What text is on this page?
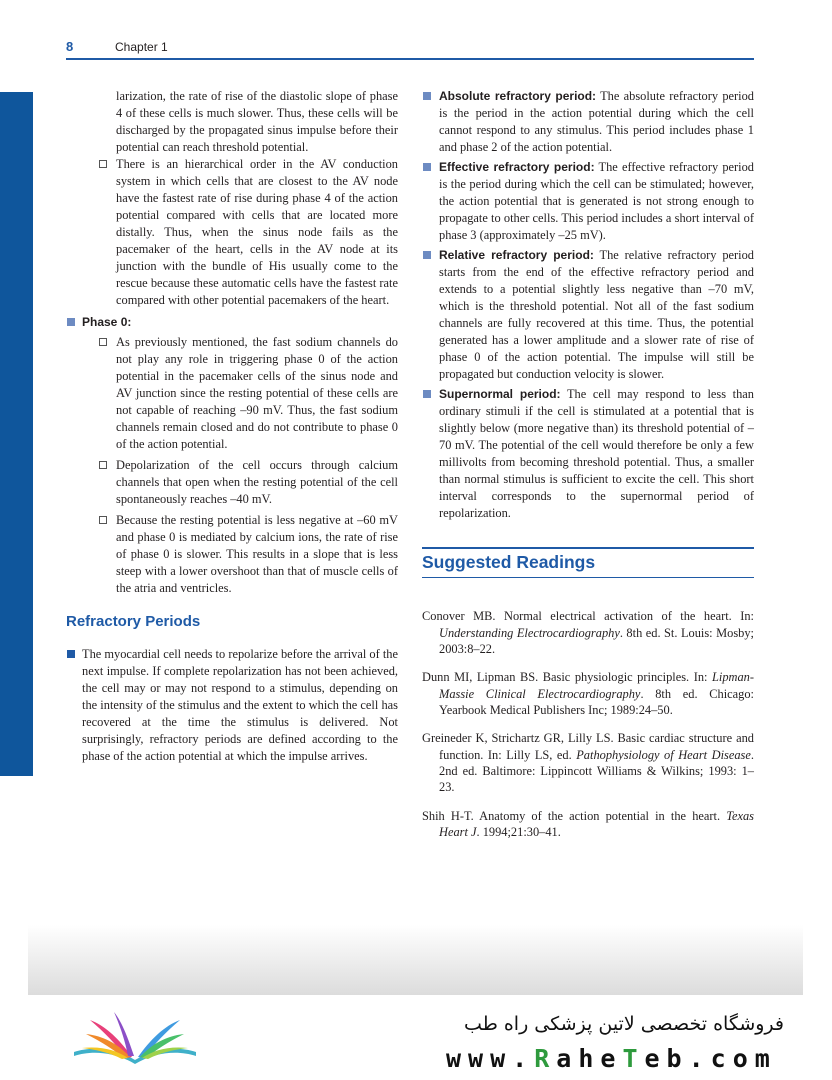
8	Chapter 1

larization, the rate of rise of the diastolic slope of phase 4 of these cells is much slower. Thus, these cells will be discharged by the propagated sinus impulse before their potential can reach threshold potential.

There is an hierarchical order in the AV conduction system in which cells that are closest to the AV node have the fastest rate of rise during phase 4 of the action potential compared with cells that are located more distally. Thus, when the sinus node fails as the pacemaker of the heart, cells in the AV node at its junction with the bundle of His usually come to the rescue because these automatic cells have the fastest rate compared with other potential pacemakers of the heart.

Phase 0:

As previously mentioned, the fast sodium channels do not play any role in triggering phase 0 of the action potential in the pacemaker cells of the sinus node and AV junction since the resting potential of these cells are not capable of reaching –90 mV. Thus, the fast sodium channels remain closed and do not contribute to phase 0 of the action potential.

Depolarization of the cell occurs through calcium channels that open when the resting potential of the cell spontaneously reaches –40 mV.

Because the resting potential is less negative at –60 mV and phase 0 is mediated by calcium ions, the rate of rise of phase 0 is slower. This results in a slope that is less steep with a lower overshoot than that of muscle cells of the atria and ventricles.

Refractory Periods

The myocardial cell needs to repolarize before the arrival of the next impulse. If complete repolarization has not been achieved, the cell may or may not respond to a stimulus, depending on the intensity of the stimulus and the extent to which the cell has recovered at the time the stimulus is delivered. Not surprisingly, refractory periods are defined according to the phase of the action potential at which the impulse arrives.

Absolute refractory period: The absolute refractory period is the period in the action potential during which the cell cannot respond to any stimulus. This period includes phase 1 and phase 2 of the action potential.

Effective refractory period: The effective refractory period is the period during which the cell can be stimulated; however, the action potential that is generated is not strong enough to propagate to other cells. This period includes a short interval of phase 3 (approximately –25 mV).

Relative refractory period: The relative refractory period starts from the end of the effective refractory period and extends to a potential slightly less negative than –70 mV, which is the threshold potential. Not all of the fast sodium channels are fully recovered at this time. Thus, the potential generated has a lower amplitude and a slower rate of rise of phase 0 of the action potential. The impulse will still be propagated but conduction velocity is slower.

Supernormal period: The cell may respond to less than ordinary stimuli if the cell is stimulated at a potential that is slightly below (more negative than) its threshold potential of –70 mV. The potential of the cell would therefore be only a few millivolts from becoming threshold potential. Thus, a smaller than normal stimulus is sufficient to excite the cell. This short interval corresponds to the supernormal period of repolarization.

Suggested Readings

Conover MB. Normal electrical activation of the heart. In: Understanding Electrocardiography. 8th ed. St. Louis: Mosby; 2003:8–22.

Dunn MI, Lipman BS. Basic physiologic principles. In: Lipman-Massie Clinical Electrocardiography. 8th ed. Chicago: Yearbook Medical Publishers Inc; 1989:24–50.

Greineder K, Strichartz GR, Lilly LS. Basic cardiac structure and function. In: Lilly LS, ed. Pathophysiology of Heart Disease. 2nd ed. Baltimore: Lippincott Williams & Wilkins; 1993: 1– 23.

Shih H-T. Anatomy of the action potential in the heart. Texas Heart J. 1994;21:30–41.

فروشگاه تخصصی لاتین پزشکی راه طب
www.RaheTeb.com
